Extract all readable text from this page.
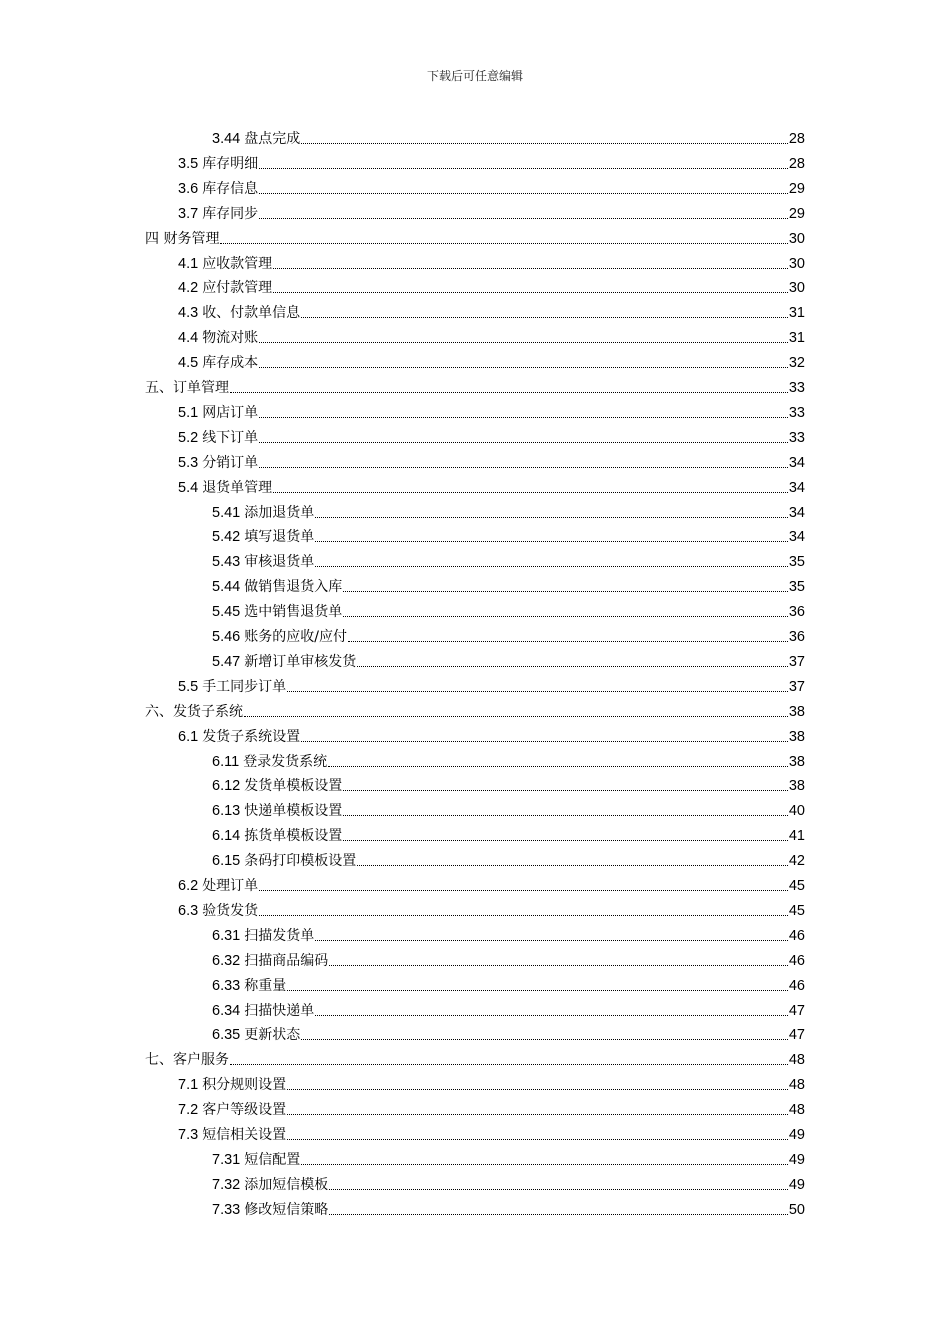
下载后可任意编辑
3.44 盘点完成	28
3.5 库存明细	28
3.6 库存信息	29
3.7 库存同步	29
四 财务管理	30
4.1 应收款管理	30
4.2 应付款管理	30
4.3 收、付款单信息	31
4.4 物流对账	31
4.5 库存成本	32
五、订单管理	33
5.1 网店订单	33
5.2 线下订单	33
5.3 分销订单	34
5.4 退货单管理	34
5.41 添加退货单	34
5.42 填写退货单	34
5.43 审核退货单	35
5.44 做销售退货入库	35
5.45 选中销售退货单	36
5.46 账务的应收/应付	36
5.47 新增订单审核发货	37
5.5 手工同步订单	37
六、发货子系统	38
6.1 发货子系统设置	38
6.11 登录发货系统	38
6.12 发货单模板设置	38
6.13 快递单模板设置	40
6.14 拣货单模板设置	41
6.15 条码打印模板设置	42
6.2 处理订单	45
6.3 验货发货	45
6.31 扫描发货单	46
6.32 扫描商品编码	46
6.33 称重量	46
6.34 扫描快递单	47
6.35 更新状态	47
七、客户服务	48
7.1 积分规则设置	48
7.2 客户等级设置	48
7.3 短信相关设置	49
7.31 短信配置	49
7.32 添加短信模板	49
7.33 修改短信策略	50
